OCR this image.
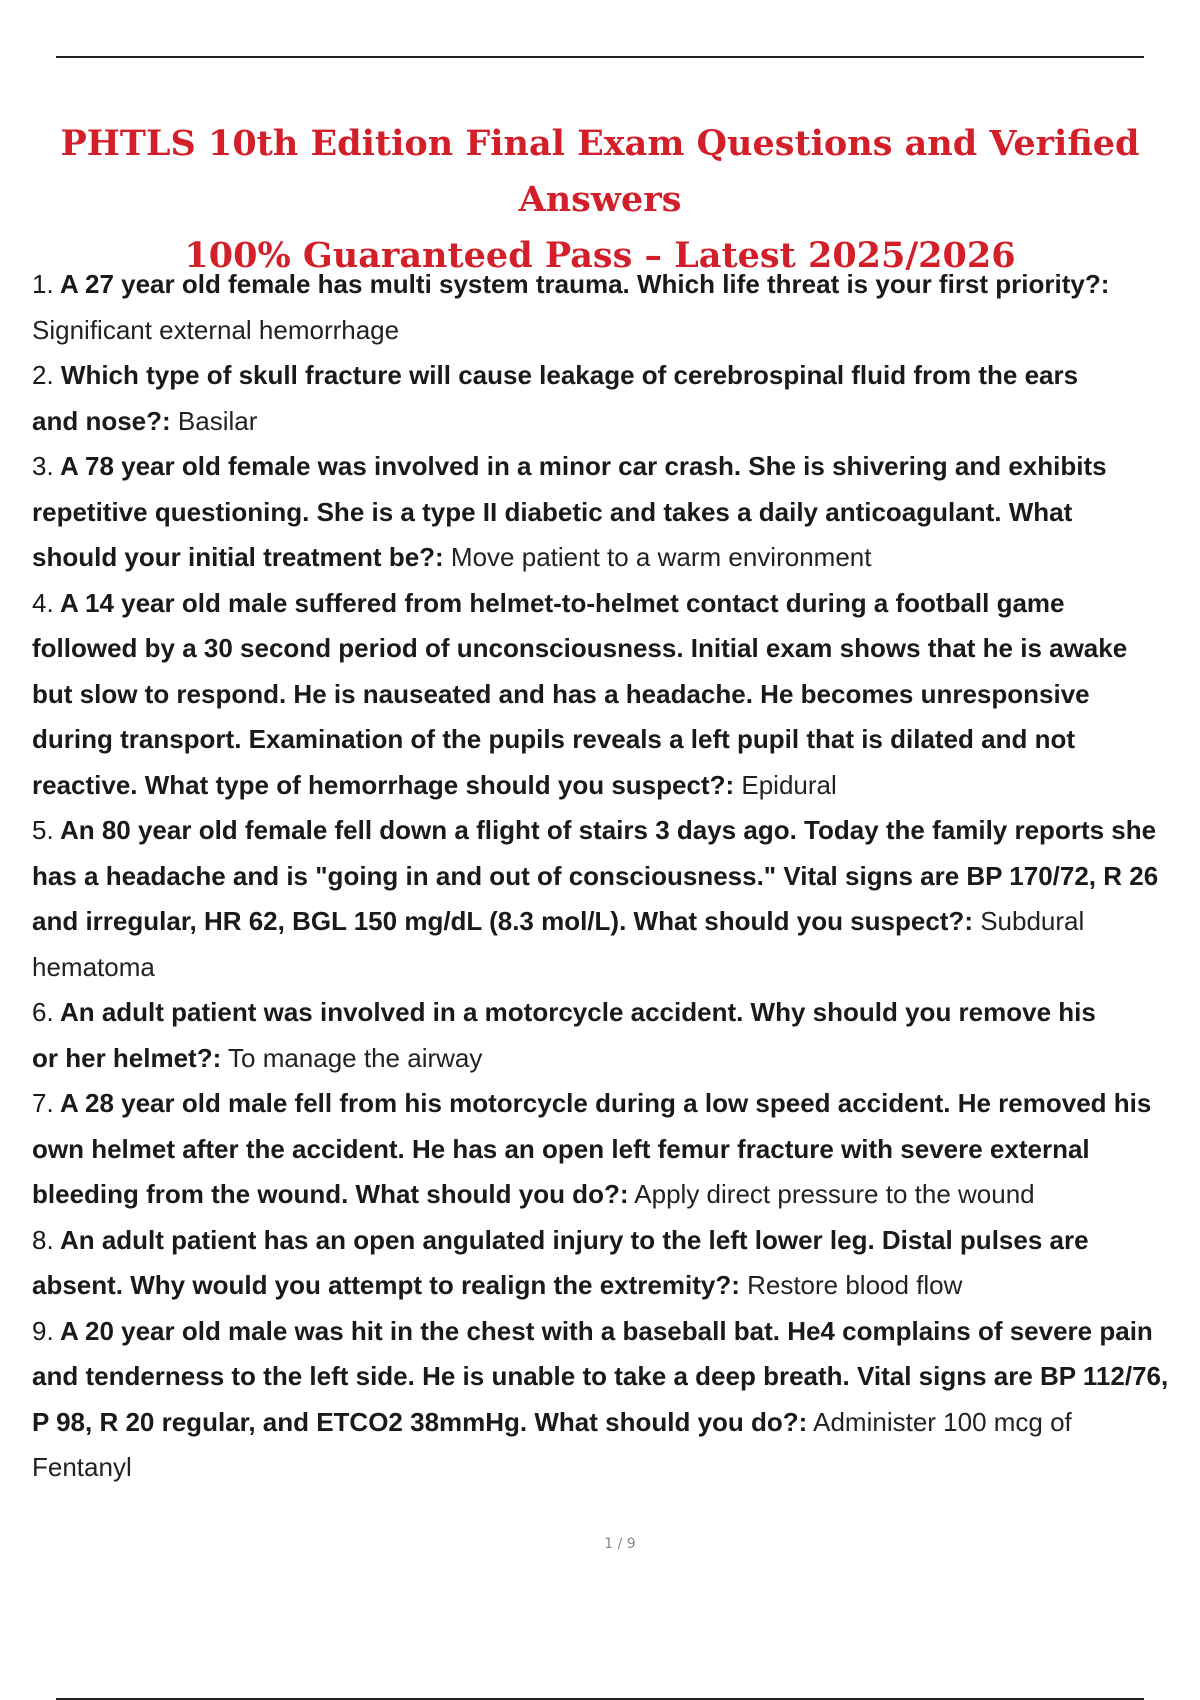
PHTLS 10th Edition Final Exam Questions and Verified Answers
100% Guaranteed Pass – Latest 2025/2026
1. A 27 year old female has multi system trauma. Which life threat is your first priority?:
Significant external hemorrhage
2. Which type of skull fracture will cause leakage of cerebrospinal fluid from the ears
and nose?: Basilar
3. A 78 year old female was involved in a minor car crash. She is shivering and exhibits
repetitive questioning. She is a type II diabetic and takes a daily anticoagulant. What
should your initial treatment be?: Move patient to a warm environment
4. A 14 year old male suffered from helmet-to-helmet contact during a football game
followed by a 30 second period of unconsciousness. Initial exam shows that he is awake
but slow to respond. He is nauseated and has a headache. He becomes unresponsive
during transport. Examination of the pupils reveals a left pupil that is dilated and not
reactive. What type of hemorrhage should you suspect?: Epidural
5. An 80 year old female fell down a flight of stairs 3 days ago. Today the family reports she
has a headache and is "going in and out of consciousness." Vital signs are BP 170/72, R 26
and irregular, HR 62, BGL 150 mg/dL (8.3 mol/L). What should you suspect?: Subdural
hematoma
6. An adult patient was involved in a motorcycle accident. Why should you remove his
or her helmet?: To manage the airway
7. A 28 year old male fell from his motorcycle during a low speed accident. He removed his
own helmet after the accident. He has an open left femur fracture with severe external
bleeding from the wound. What should you do?: Apply direct pressure to the wound
8. An adult patient has an open angulated injury to the left lower leg. Distal pulses are
absent. Why would you attempt to realign the extremity?: Restore blood flow
9. A 20 year old male was hit in the chest with a baseball bat. He4 complains of severe pain
and tenderness to the left side. He is unable to take a deep breath. Vital signs are BP 112/76,
P 98, R 20 regular, and ETCO2 38mmHg. What should you do?: Administer 100 mcg of
Fentanyl
1 / 9
